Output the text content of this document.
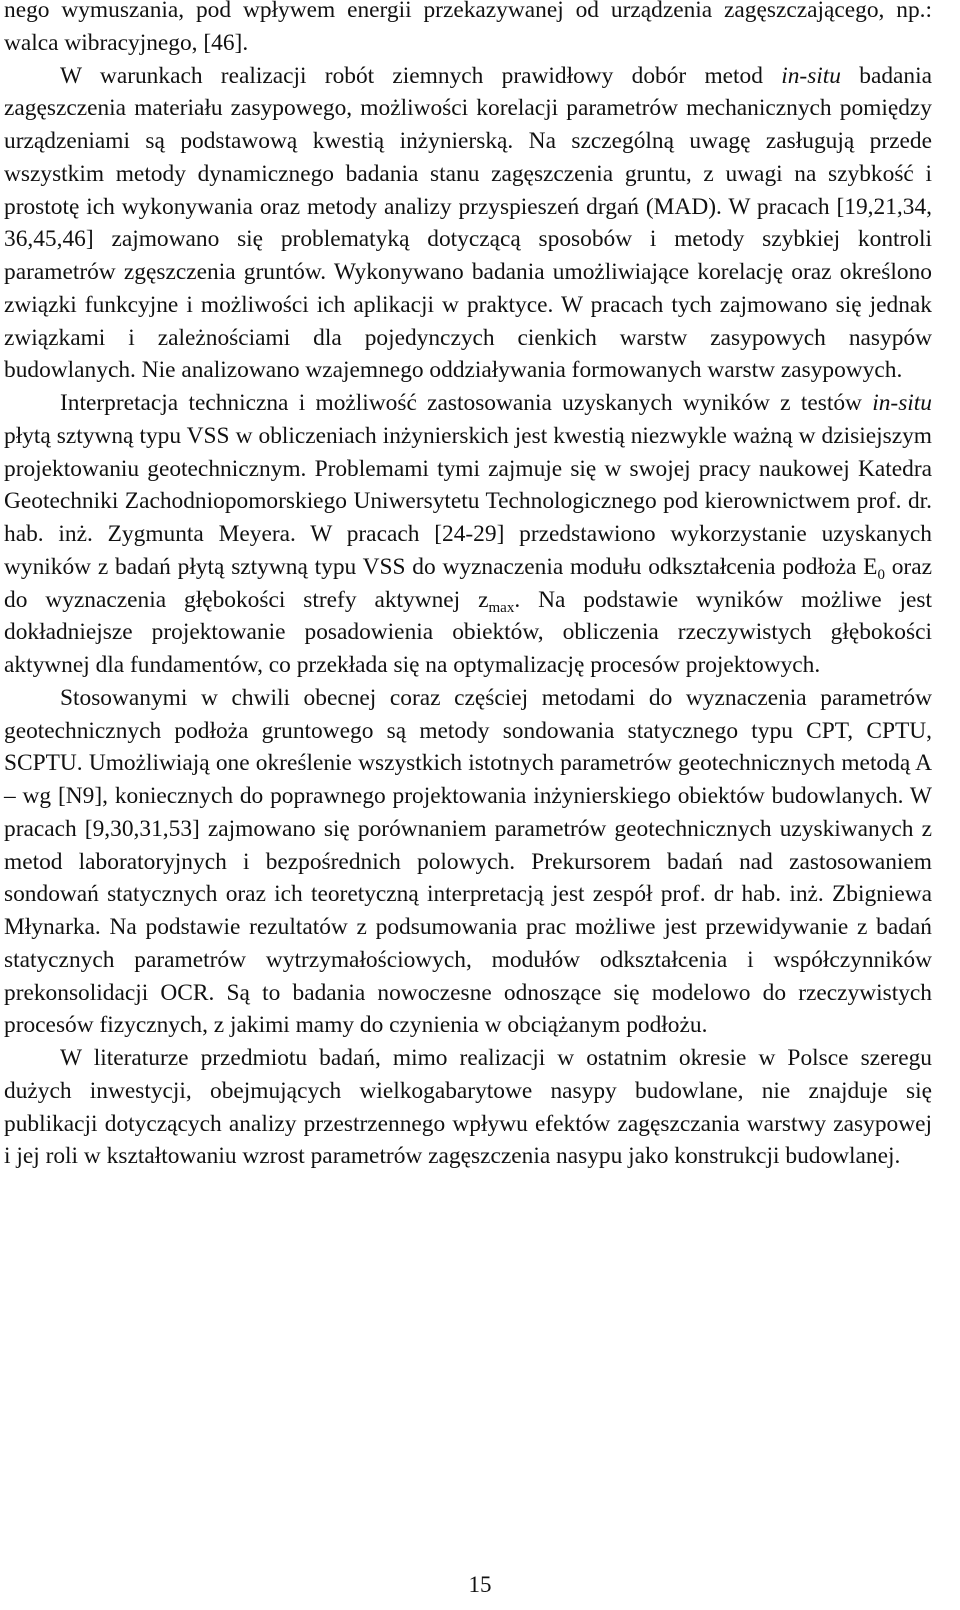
nego wymuszania, pod wpływem energii przekazywanej od urządzenia zagęszczającego, np.: walca wibracyjnego, [46].

W warunkach realizacji robót ziemnych prawidłowy dobór metod in-situ badania zagęszczenia materiału zasypowego, możliwości korelacji parametrów mechanicznych pomiędzy urządzeniami są podstawową kwestią inżynierską. Na szczególną uwagę zasługują przede wszystkim metody dynamicznego badania stanu zagęszczenia gruntu, z uwagi na szybkość i prostotę ich wykonywania oraz metody analizy przyspieszeń drgań (MAD). W pracach [19,21,34, 36,45,46] zajmowano się problematyką dotyczącą sposobów i metody szybkiej kontroli parametrów zgęszczenia gruntów. Wykonywano badania umożliwiające korelację oraz określono związki funkcyjne i możliwości ich aplikacji w praktyce. W pracach tych zajmowano się jednak związkami i zależnościami dla pojedynczych cienkich warstw zasypowych nasypów budowlanych. Nie analizowano wzajemnego oddziaływania formowanych warstw zasypowych.

Interpretacja techniczna i możliwość zastosowania uzyskanych wyników z testów in-situ płytą sztywną typu VSS w obliczeniach inżynierskich jest kwestią niezwykle ważną w dzisiejszym projektowaniu geotechnicznym. Problemami tymi zajmuje się w swojej pracy naukowej Katedra Geotechniki Zachodniopomorskiego Uniwersytetu Technologicznego pod kierownictwem prof. dr. hab. inż. Zygmunta Meyera. W pracach [24-29] przedstawiono wykorzystanie uzyskanych wyników z badań płytą sztywną typu VSS do wyznaczenia modułu odkształcenia podłoża $E_0$ oraz do wyznaczenia głębokości strefy aktywnej $z_{max}$. Na podstawie wyników możliwe jest dokładniejsze projektowanie posadowienia obiektów, obliczenia rzeczywistych głębokości aktywnej dla fundamentów, co przekłada się na optymalizację procesów projektowych.

Stosowanymi w chwili obecnej coraz częściej metodami do wyznaczenia parametrów geotechnicznych podłoża gruntowego są metody sondowania statycznego typu CPT, CPTU, SCPTU. Umożliwiają one określenie wszystkich istotnych parametrów geotechnicznych metodą A – wg [N9], koniecznych do poprawnego projektowania inżynierskiego obiektów budowlanych. W pracach [9,30,31,53] zajmowano się porównaniem parametrów geotechnicznych uzyskiwanych z metod laboratoryjnych i bezpośrednich polowych. Prekursorem badań nad zastosowaniem sondowań statycznych oraz ich teoretyczną interpretacją jest zespół prof. dr hab. inż. Zbigniewa Młynarka. Na podstawie rezultatów z podsumowania prac możliwe jest przewidywanie z badań statycznych parametrów wytrzymałościowych, modułów odkształcenia i współczynników prekonsolidacji OCR. Są to badania nowoczesne odnoszące się modelowo do rzeczywistych procesów fizycznych, z jakimi mamy do czynienia w obciążanym podłożu.

W literaturze przedmiotu badań, mimo realizacji w ostatnim okresie w Polsce szeregu dużych inwestycji, obejmujących wielkogabarytowe nasypy budowlane, nie znajduje się publikacji dotyczących analizy przestrzennego wpływu efektów zagęszczania warstwy zasypowej i jej roli w kształtowaniu wzrost parametrów zagęszczenia nasypu jako konstrukcji budowlanej.

15
